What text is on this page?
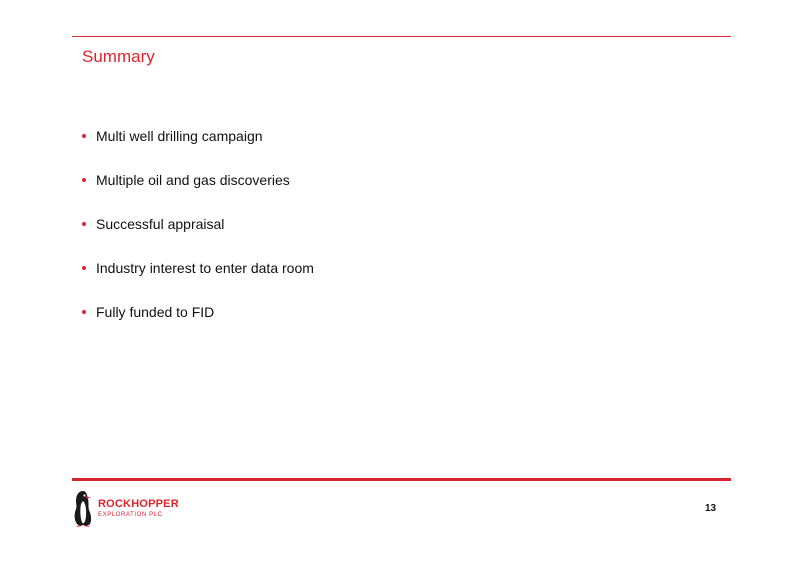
Summary
Multi well drilling campaign
Multiple oil and gas discoveries
Successful appraisal
Industry interest to enter data room
Fully funded to FID
ROCKHOPPER
EXPLORATION PLC
13
